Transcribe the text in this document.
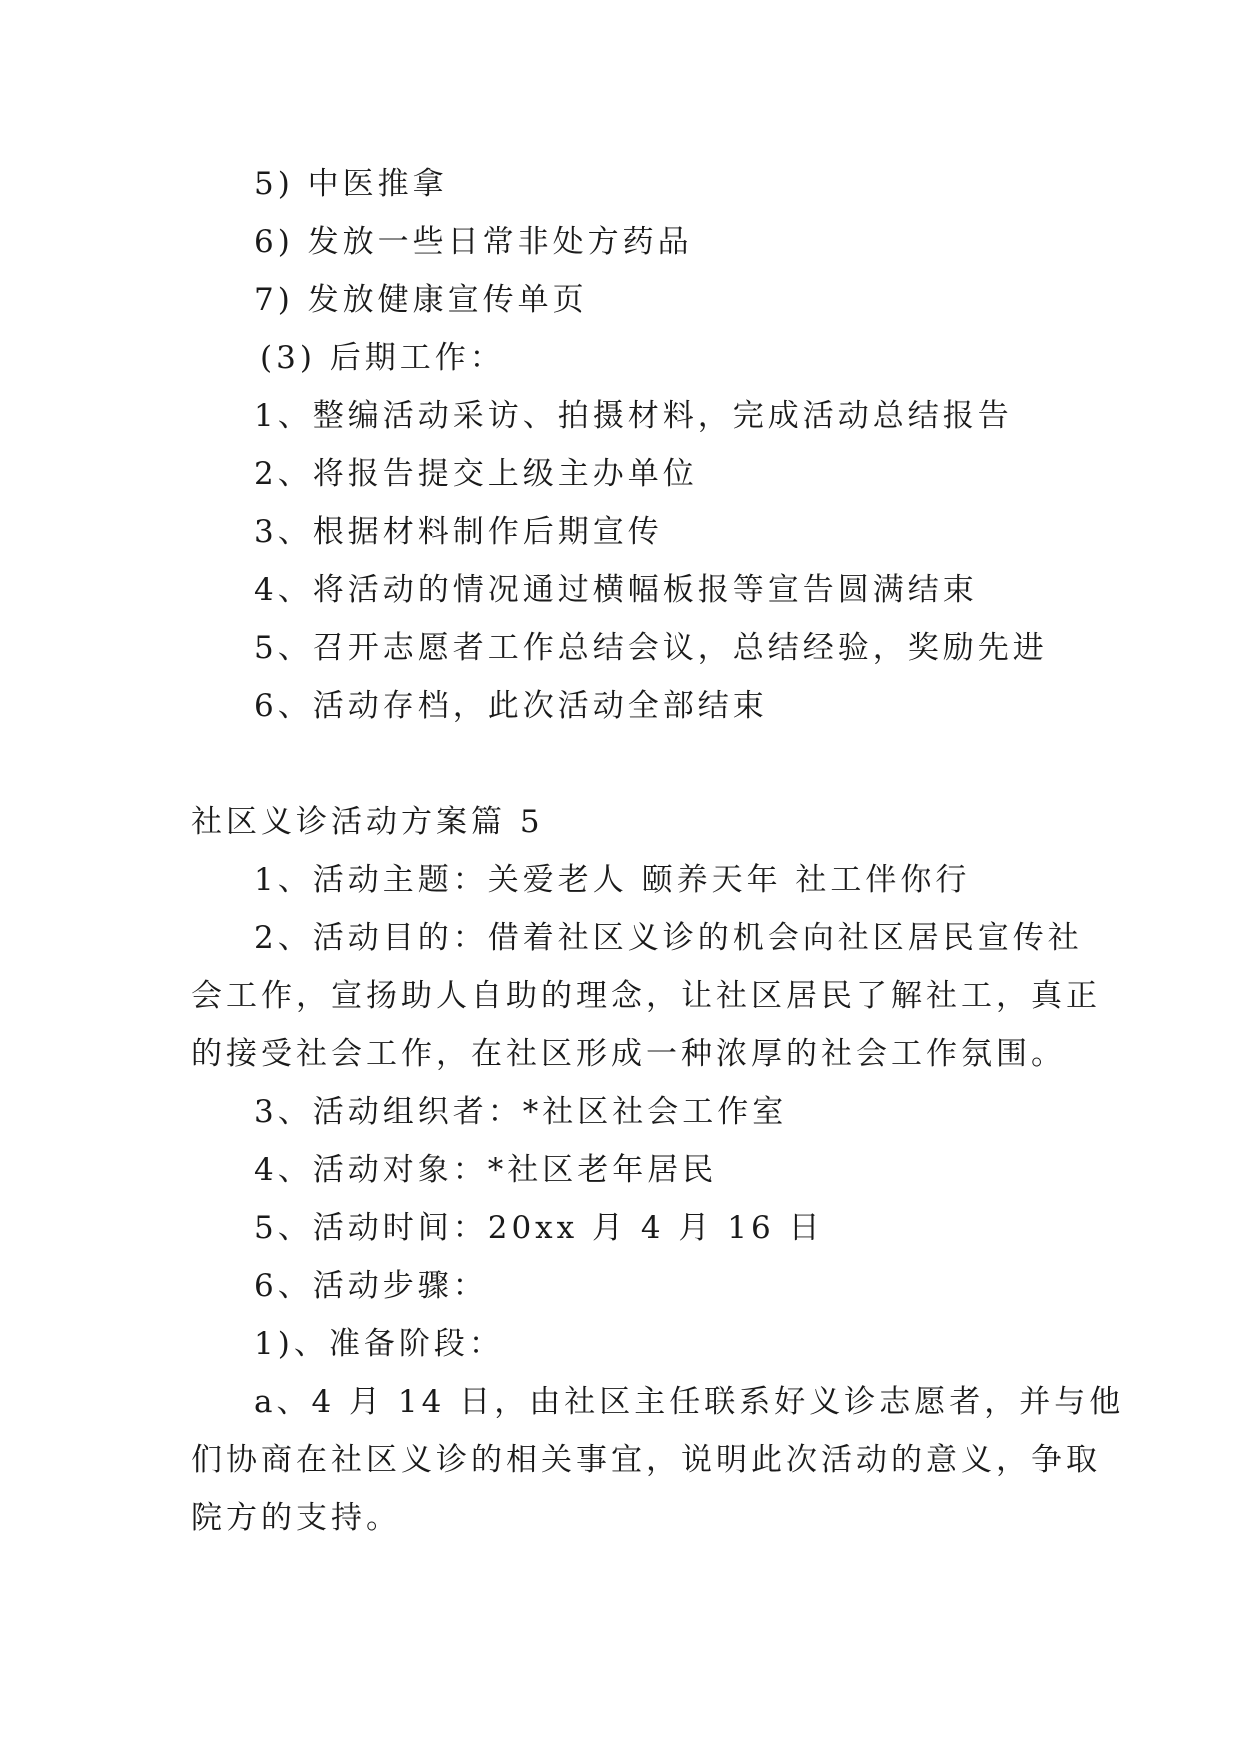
5) 中医推拿
6) 发放一些日常非处方药品
7) 发放健康宣传单页
(3) 后期工作：
1、整编活动采访、拍摄材料，完成活动总结报告
2、将报告提交上级主办单位
3、根据材料制作后期宣传
4、将活动的情况通过横幅板报等宣告圆满结束
5、召开志愿者工作总结会议，总结经验，奖励先进
6、活动存档，此次活动全部结束
社区义诊活动方案篇 5
1、活动主题：关爱老人 颐养天年 社工伴你行
2、活动目的：借着社区义诊的机会向社区居民宣传社
会工作，宣扬助人自助的理念，让社区居民了解社工，真正
的接受社会工作，在社区形成一种浓厚的社会工作氛围。
3、活动组织者：*社区社会工作室
4、活动对象：*社区老年居民
5、活动时间：20xx 月 4 月 16 日
6、活动步骤：
1)、准备阶段：
a、4 月 14 日，由社区主任联系好义诊志愿者，并与他
们协商在社区义诊的相关事宜，说明此次活动的意义，争取
院方的支持。
